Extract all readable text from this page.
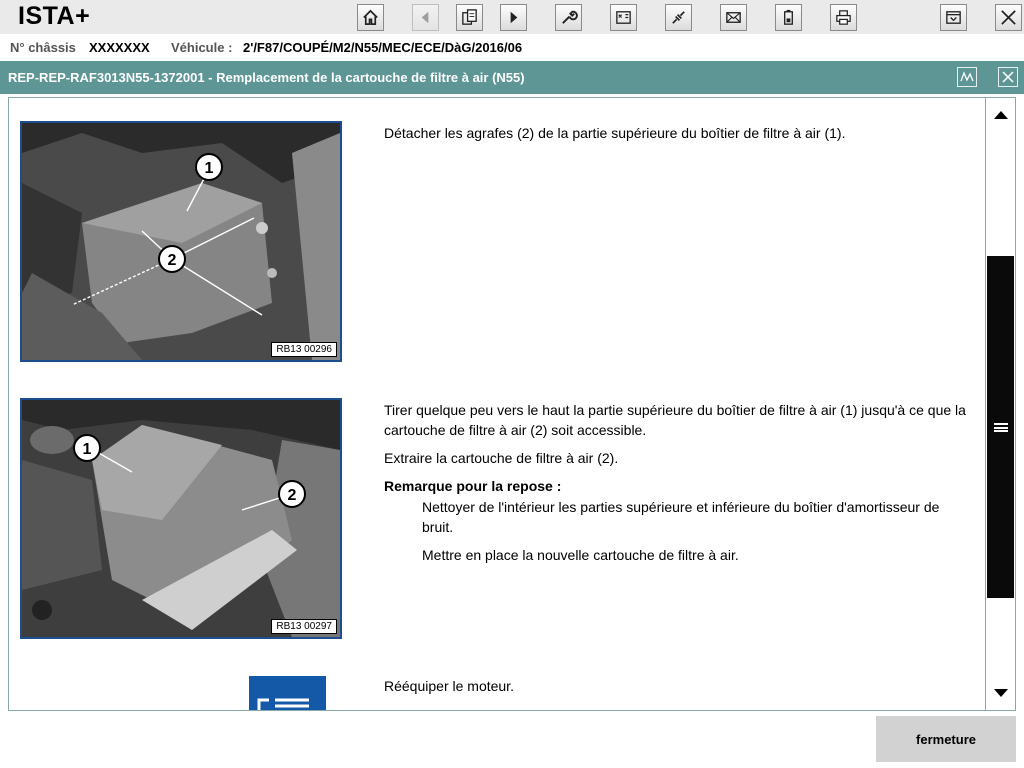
ISTA+
N° châssis XXXXXXX Véhicule : 2'/F87/COUPÉ/M2/N55/MEC/ECE/DàG/2016/06
REP-REP-RAF3013N55-1372001 - Remplacement de la cartouche de filtre à air (N55)
1
2
RB13 00296

Détacher les agrafes (2) de la partie supérieure du boîtier de filtre à air (1).

1
2
RB13 00297

Tirer quelque peu vers le haut la partie supérieure du boîtier de filtre à air (1) jusqu'à ce que la cartouche de filtre à air (2) soit accessible.

Extraire la cartouche de filtre à air (2).

Remarque pour la repose :

Nettoyer de l'intérieur les parties supérieure et inférieure du boîtier d'amortisseur de bruit.

Mettre en place la nouvelle cartouche de filtre à air.

Rééquiper le moteur.

fermeture
